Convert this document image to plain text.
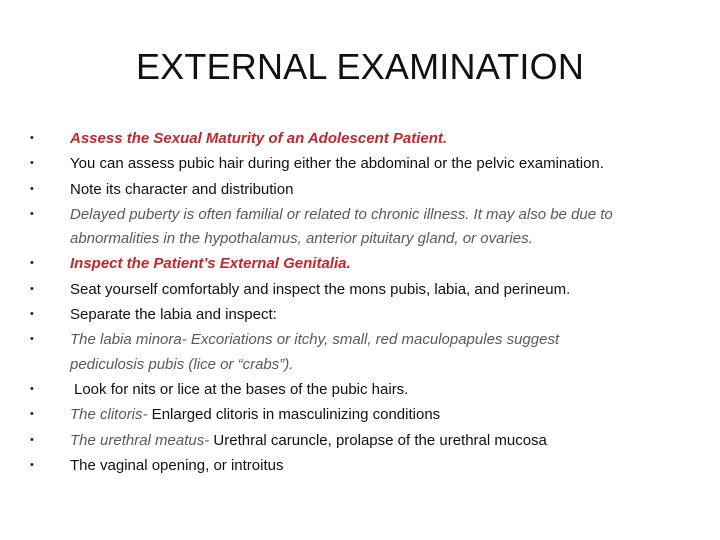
EXTERNAL EXAMINATION
•	Assess the Sexual Maturity of an Adolescent Patient.
•	You can assess pubic hair during either the abdominal or the pelvic examination.
•	Note its character and distribution
•	Delayed puberty is often familial or related to chronic illness. It may also be due to
abnormalities in the hypothalamus, anterior pituitary gland, or ovaries.
•	Inspect the Patient’s External Genitalia.
•	Seat yourself comfortably and inspect the mons pubis, labia, and perineum.
•	Separate the labia and inspect:
•	The labia minora- Excoriations or itchy, small, red maculopapules suggest
pediculosis pubis (lice or “crabs”).
•	Look for nits or lice at the bases of the pubic hairs.
•	The clitoris- Enlarged clitoris in masculinizing conditions
•	The urethral meatus- Urethral caruncle, prolapse of the urethral mucosa
•	The vaginal opening, or introitus
